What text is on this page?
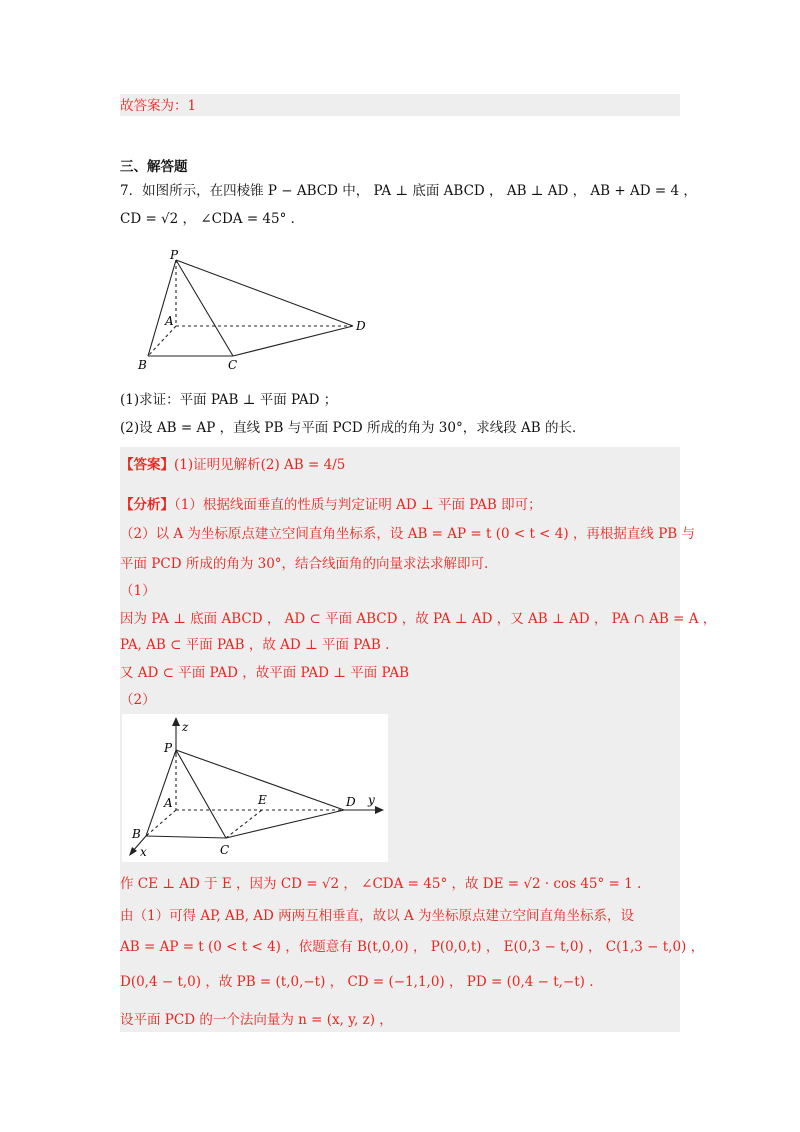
故答案为：1
三、解答题
7．如图所示，在四棱锥 P − ABCD 中， PA ⊥ 底面 ABCD ， AB ⊥ AD ， AB + AD = 4 ，
CD = √2 ， ∠CDA = 45° ．
P
A
B	C
D
(1)求证：平面 PAB ⊥ 平面 PAD ；
(2)设 AB = AP ，直线 PB 与平面 PCD 所成的角为 30°，求线段 AB 的长．
【答案】(1)证明见解析(2) AB = 4/5
【分析】（1）根据线面垂直的性质与判定证明 AD ⊥ 平面 PAB 即可；
（2）以 A 为坐标原点建立空间直角坐标系，设 AB = AP = t (0 < t < 4) ，再根据直线 PB 与
平面 PCD 所成的角为 30°，结合线面角的向量求法求解即可.
（1）
因为 PA ⊥ 底面 ABCD ， AD ⊂ 平面 ABCD ，故 PA ⊥ AD ，又 AB ⊥ AD ， PA ∩ AB = A ，
PA, AB ⊂ 平面 PAB ，故 AD ⊥ 平面 PAB .
又 AD ⊂ 平面 PAD ，故平面 PAD ⊥ 平面 PAB
（2）
z
P
A	E	D y
B
x	C
作 CE ⊥ AD 于 E ，因为 CD = √2 ， ∠CDA = 45° ，故 DE = √2 · cos 45° = 1 .
由（1）可得 AP, AB, AD 两两互相垂直，故以 A 为坐标原点建立空间直角坐标系，设
AB = AP = t (0 < t < 4) ，依题意有 B(t,0,0) ， P(0,0,t) ， E(0,3 − t,0) ， C(1,3 − t,0) ，
D(0,4 − t,0) ，故 PB = (t,0,−t) ， CD = (−1,1,0) ， PD = (0,4 − t,−t) .
设平面 PCD 的一个法向量为 n = (x, y, z) ，
